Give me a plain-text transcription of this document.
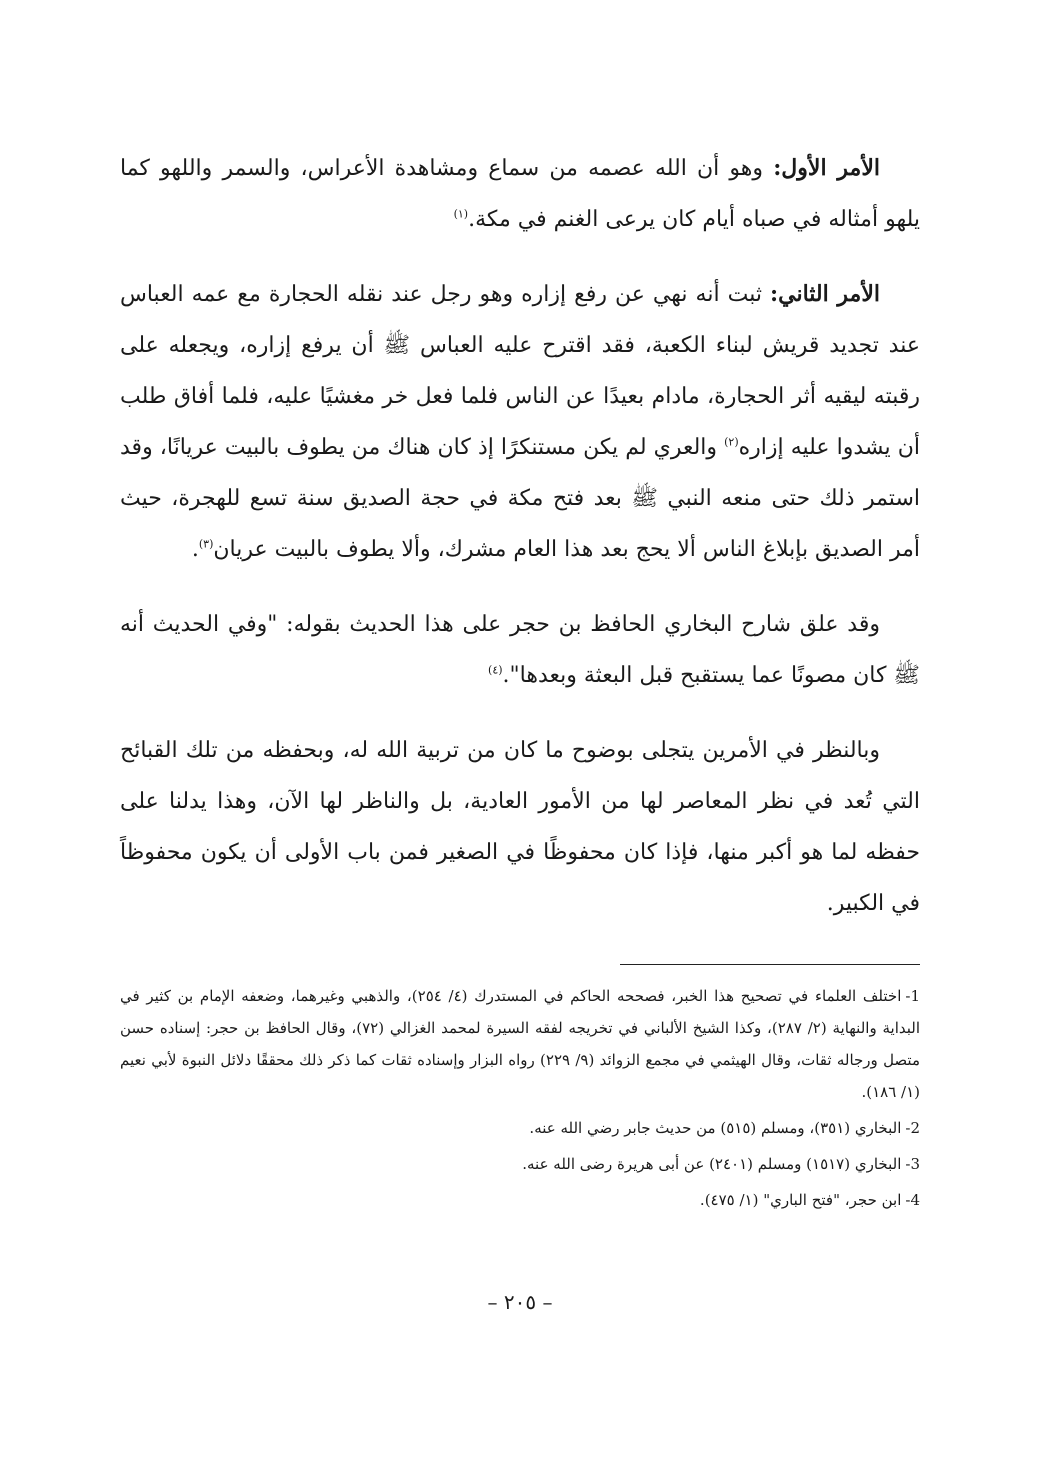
الأمر الأول: وهو أن الله عصمه من سماع ومشاهدة الأعراس، والسمر واللهو كما يلهو أمثاله في صباه أيام كان يرعى الغنم في مكة.$^{(١)}$

الأمر الثاني: ثبت أنه نهي عن رفع إزاره وهو رجل عند نقله الحجارة مع عمه العباس عند تجديد قريش لبناء الكعبة، فقد اقترح عليه العباس ﷺ أن يرفع إزاره، ويجعله على رقبته ليقيه أثر الحجارة، مادام بعيدًا عن الناس فلما فعل خر مغشيًا عليه، فلما أفاق طلب أن يشدوا عليه إزاره$^{(٢)}$ والعري لم يكن مستنكرًا إذ كان هناك من يطوف بالبيت عريانًا، وقد استمر ذلك حتى منعه النبي ﷺ بعد فتح مكة في حجة الصديق سنة تسع للهجرة، حيث أمر الصديق بإبلاغ الناس ألا يحج بعد هذا العام مشرك، وألا يطوف بالبيت عريان$^{(٣)}$.

وقد علق شارح البخاري الحافظ بن حجر على هذا الحديث بقوله: "وفي الحديث أنه ﷺ كان مصونًا عما يستقبح قبل البعثة وبعدها".$^{(٤)}$

وبالنظر في الأمرين يتجلى بوضوح ما كان من تربية الله له، وبحفظه من تلك القبائح التي تُعد في نظر المعاصر لها من الأمور العادية، بل والناظر لها الآن، وهذا يدلنا على حفظه لما هو أكبر منها، فإذا كان محفوظًا في الصغير فمن باب الأولى أن يكون محفوظاً في الكبير.

1-اختلف العلماء في تصحيح هذا الخبر، فصححه الحاكم في المستدرك (٤/ ٢٥٤)، والذهبي وغيرهما، وضعفه الإمام بن كثير في البداية والنهاية (٢/ ٢٨٧)، وكذا الشيخ الألباني في تخريجه لفقه السيرة لمحمد الغزالي (٧٢)، وقال الحافظ بن حجر: إسناده حسن متصل ورجاله ثقات، وقال الهيثمي في مجمع الزوائد (٩/ ٢٢٩) رواه البزار وإسناده ثقات كما ذكر ذلك محققًا دلائل النبوة لأبي نعيم (١/ ١٨٦).

2-البخاري (٣٥١)، ومسلم (٥١٥) من حديث جابر رضي الله عنه.

3-البخاري (١٥١٧) ومسلم (٢٤٠١) عن أبى هريرة رضى الله عنه.

4-ابن حجر، "فتح الباري" (١/ ٤٧٥).

– ٢٠٥ –
